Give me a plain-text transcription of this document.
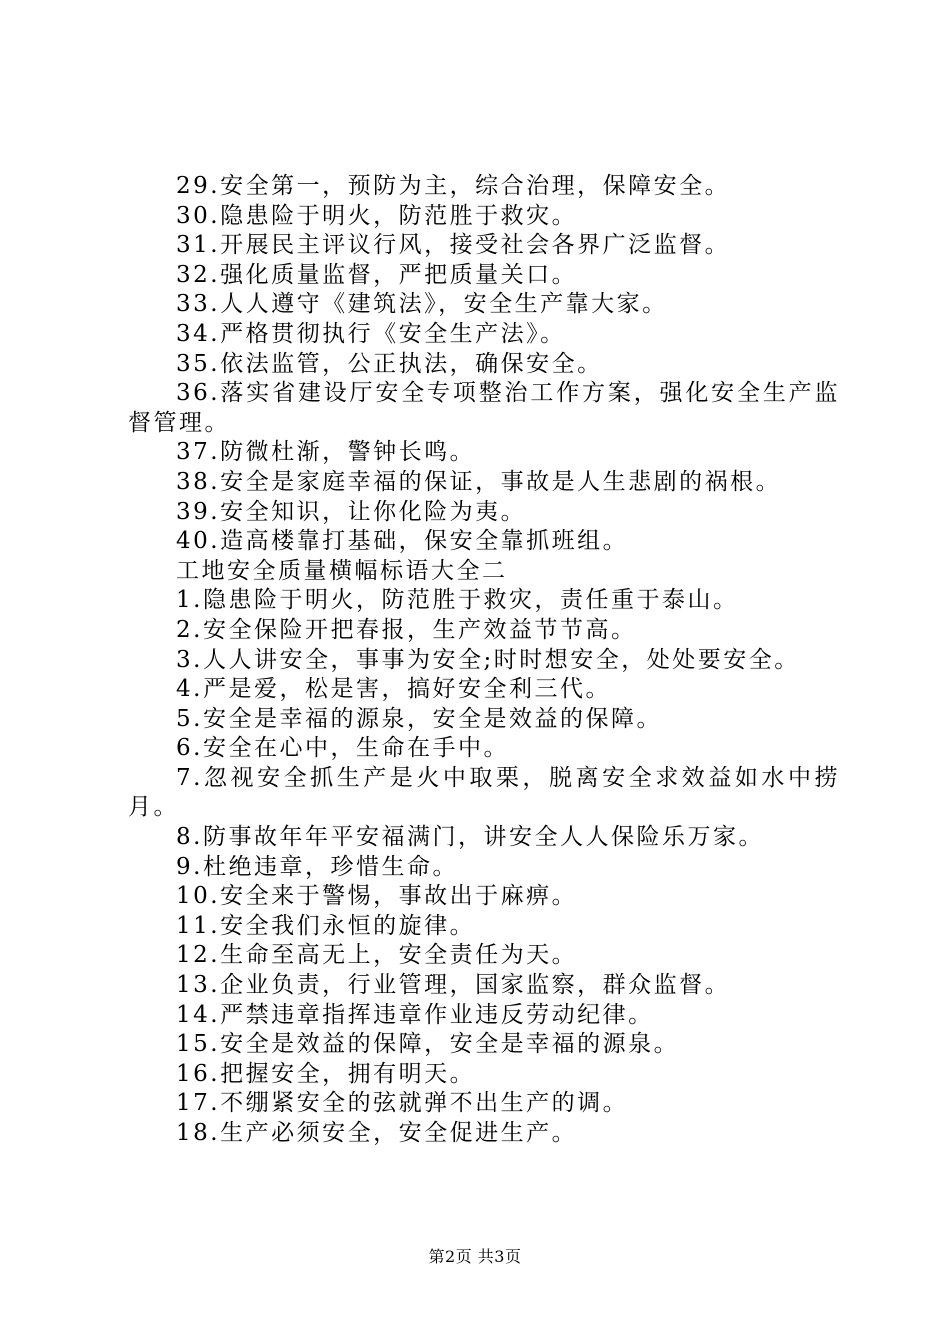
29.安全第一，预防为主，综合治理，保障安全。

30.隐患险于明火，防范胜于救灾。

31.开展民主评议行风，接受社会各界广泛监督。

32.强化质量监督，严把质量关口。

33.人人遵守《建筑法》，安全生产靠大家。

34.严格贯彻执行《安全生产法》。

35.依法监管，公正执法，确保安全。

36.落实省建设厅安全专项整治工作方案，强化安全生产监督管理。

37.防微杜渐，警钟长鸣。

38.安全是家庭幸福的保证，事故是人生悲剧的祸根。

39.安全知识，让你化险为夷。

40.造高楼靠打基础，保安全靠抓班组。

工地安全质量横幅标语大全二

1.隐患险于明火，防范胜于救灾，责任重于泰山。

2.安全保险开把春报，生产效益节节高。

3.人人讲安全，事事为安全;时时想安全，处处要安全。

4.严是爱，松是害，搞好安全利三代。

5.安全是幸福的源泉，安全是效益的保障。

6.安全在心中，生命在手中。

7.忽视安全抓生产是火中取栗，脱离安全求效益如水中捞月。

8.防事故年年平安福满门，讲安全人人保险乐万家。

9.杜绝违章，珍惜生命。

10.安全来于警惕，事故出于麻痹。

11.安全我们永恒的旋律。

12.生命至高无上，安全责任为天。

13.企业负责，行业管理，国家监察，群众监督。

14.严禁违章指挥违章作业违反劳动纪律。

15.安全是效益的保障，安全是幸福的源泉。

16.把握安全，拥有明天。

17.不绷紧安全的弦就弹不出生产的调。

18.生产必须安全，安全促进生产。

第2页 共3页
